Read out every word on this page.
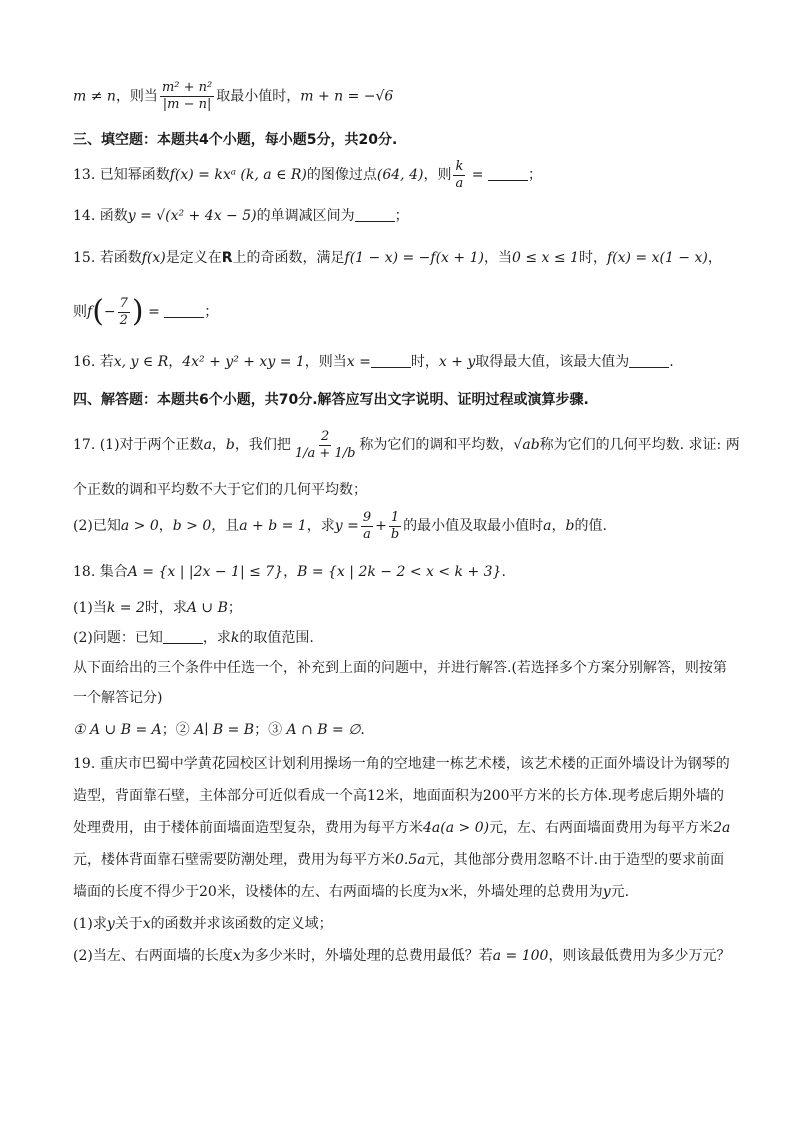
m ≠ n，则当 $\frac{\text{m² + n²}}{|m - n|}$ 取最小值时，m + n = −√6
三、填空题：本题共4个小题，每小题5分，共20分.
13. 已知幂函数f(x) = kxᵃ (k, a ∈ R)的图像过点(64, 4)，则 $\frac{k}{a}$ =	；
14. 函数y = √(x² + 4x − 5)的单调减区间为	；
15. 若函数f(x)是定义在R上的奇函数，满足f(1 − x) = −f(x + 1)，当0 ≤ x ≤ 1时，f(x) = x(1 − x)，
则$f(- \frac{7}{2}$ ) =	；
16. 若x, y ∈ R，4x² + y² + xy = 1，则当x =	时，x + y取得最大值，该最大值为	.
四、解答题：本题共6个小题，共70分.解答应写出文字说明、证明过程或演算步骤.
17. (1)对于两个正数a，b，我们把 $\frac{2}{1/a + 1/b}$ 称为它们的调和平均数，√ab称为它们的几何平均数. 求证: 两
个正数的调和平均数不大于它们的几何平均数；
(2)已知a > 0，b > 0，且a + b = 1，求$y = \frac{9}{a} + \frac{1}{b}$ 的最小值及取最小值时a，b的值.
18. 集合A = {x | |2x − 1| ≤ 7}，B = {x | 2k − 2 < x < k + 3}.
(1)当k = 2时，求A ∪ B；
(2)问题：已知	，求k的取值范围.
从下面给出的三个条件中任选一个，补充到上面的问题中，并进行解答.(若选择多个方案分别解答，则按第
一个解答记分)
① A ∪ B = A；② A∣ B = B；③ A ∩ B = ∅.
19. 重庆市巴蜀中学黄花园校区计划利用操场一角的空地建一栋艺术楼，该艺术楼的正面外墙设计为钢琴的
造型，背面靠石壁，主体部分可近似看成一个高12米，地面面积为200平方米的长方体.现考虑后期外墙的
处理费用，由于楼体前面墙面造型复杂，费用为每平方米4a(a > 0)元，左、右两面墙面费用为每平方米2a
元，楼体背面靠石壁需要防潮处理，费用为每平方米0.5a元，其他部分费用忽略不计.由于造型的要求前面
墙面的长度不得少于20米，设楼体的左、右两面墙的长度为x米，外墙处理的总费用为y元.
(1)求y关于x的函数并求该函数的定义域；
(2)当左、右两面墙的长度x为多少米时，外墙处理的总费用最低？若a = 100，则该最低费用为多少万元？
